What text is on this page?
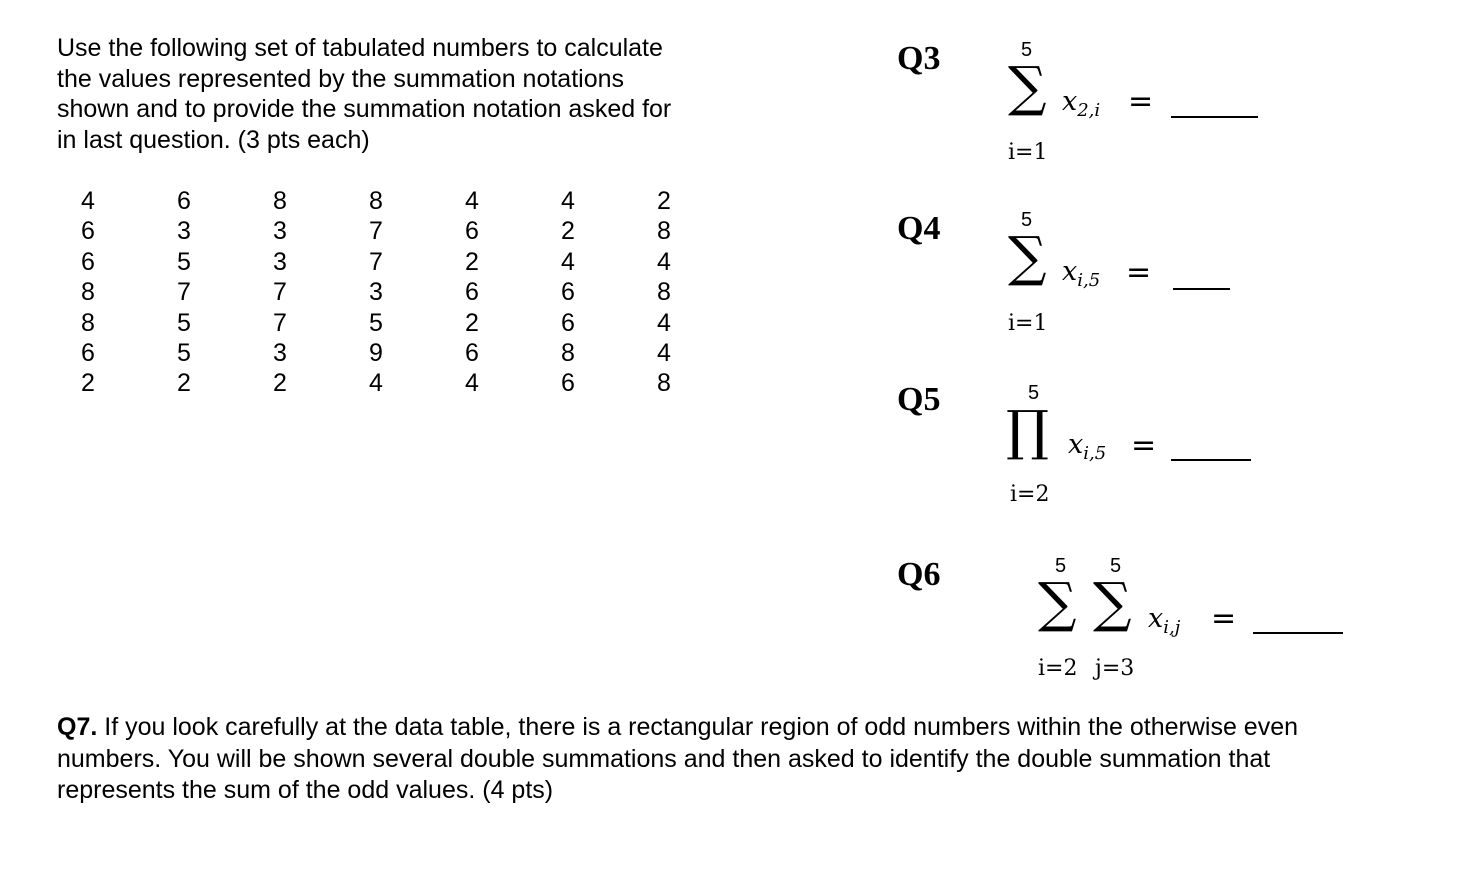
Use the following set of tabulated numbers to calculate
the values represented by the summation notations
shown and to provide the summation notation asked for
in last question. (3 pts each)
4	6	8	8	4	4	2
6	3	3	7	6	2	8
6	5	3	7	2	4	4
8	7	7	3	6	6	8
8	5	7	5	2	6	4
6	5	3	9	6	8	4
2	2	2	4	4	6	8
Q3	5
∑
i=1
$x_{2,i}$ =
Q4	5
∑
i=1
$x_{i,5}$ =
Q5	5
∏
i=2
$x_{i,5}$ =
Q6	5 5
∑ ∑
i=2 j=3
$x_{i,j}$ =
Q7. If you look carefully at the data table, there is a rectangular region of odd numbers within the otherwise even
numbers. You will be shown several double summations and then asked to identify the double summation that
represents the sum of the odd values. (4 pts)
